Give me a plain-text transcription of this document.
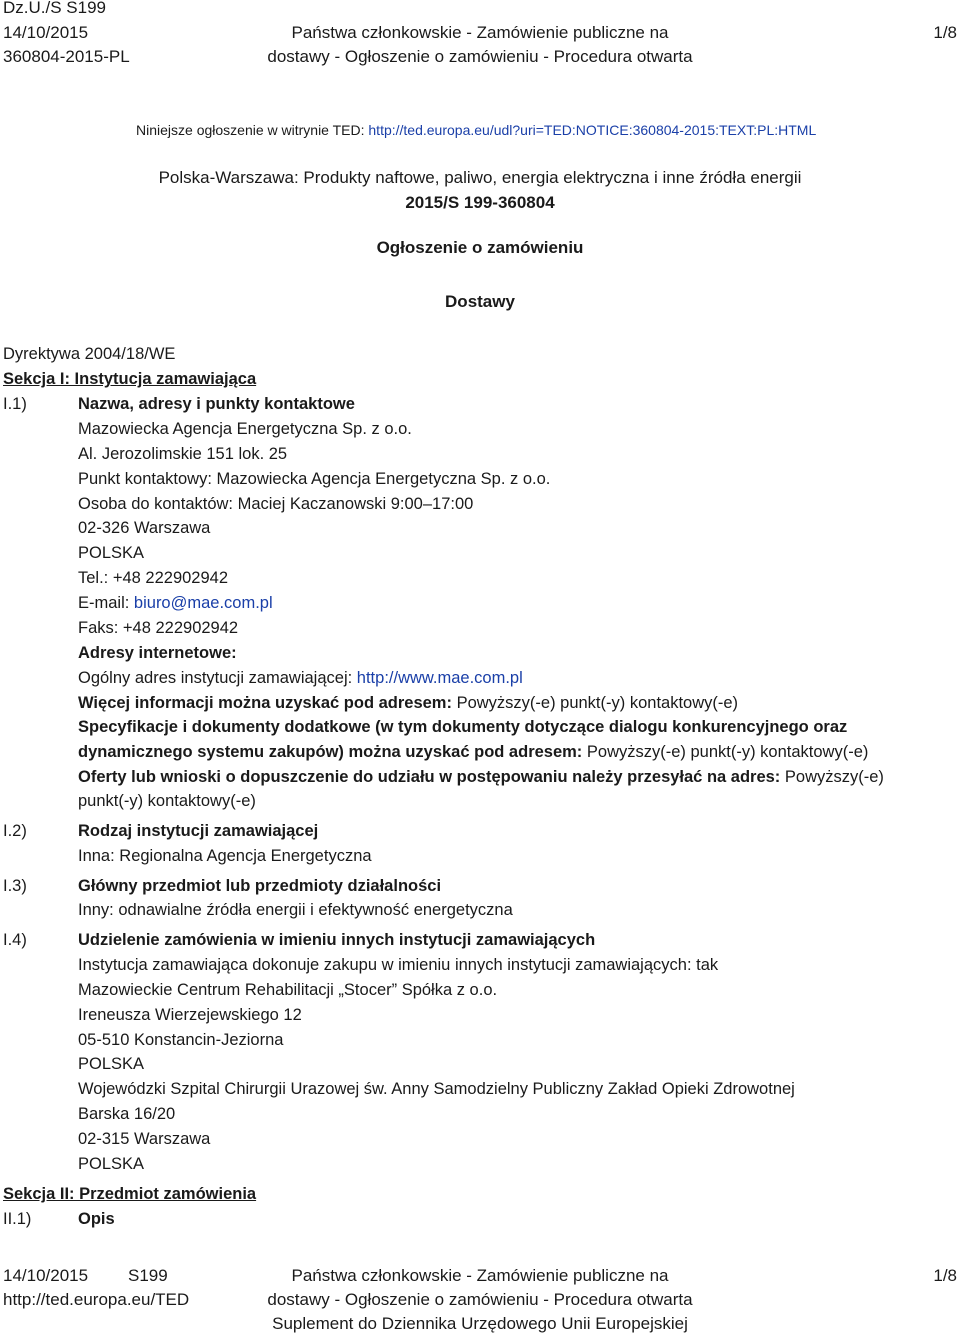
Dz.U./S S199
14/10/2015
360804-2015-PL
Państwa członkowskie - Zamówienie publiczne na
dostawy - Ogłoszenie o zamówieniu - Procedura otwarta
1/8
Niniejsze ogłoszenie w witrynie TED: http://ted.europa.eu/udl?uri=TED:NOTICE:360804-2015:TEXT:PL:HTML
Polska-Warszawa: Produkty naftowe, paliwo, energia elektryczna i inne źródła energii
2015/S 199-360804
Ogłoszenie o zamówieniu
Dostawy
Dyrektywa 2004/18/WE
Sekcja I: Instytucja zamawiająca
I.1)	Nazwa, adresy i punkty kontaktowe
Mazowiecka Agencja Energetyczna Sp. z o.o.
Al. Jerozolimskie 151 lok. 25
Punkt kontaktowy: Mazowiecka Agencja Energetyczna Sp. z o.o.
Osoba do kontaktów: Maciej Kaczanowski 9:00–17:00
02-326 Warszawa
POLSKA
Tel.: +48 222902942
E-mail: biuro@mae.com.pl
Faks: +48 222902942
Adresy internetowe:
Ogólny adres instytucji zamawiającej: http://www.mae.com.pl
Więcej informacji można uzyskać pod adresem: Powyższy(-e) punkt(-y) kontaktowy(-e)
Specyfikacje i dokumenty dodatkowe (w tym dokumenty dotyczące dialogu konkurencyjnego oraz
dynamicznego systemu zakupów) można uzyskać pod adresem: Powyższy(-e) punkt(-y) kontaktowy(-e)
Oferty lub wnioski o dopuszczenie do udziału w postępowaniu należy przesyłać na adres: Powyższy(-e)
punkt(-y) kontaktowy(-e)
I.2)	Rodzaj instytucji zamawiającej
Inna: Regionalna Agencja Energetyczna
I.3)	Główny przedmiot lub przedmioty działalności
Inny: odnawialne źródła energii i efektywność energetyczna
I.4)	Udzielenie zamówienia w imieniu innych instytucji zamawiających
Instytucja zamawiająca dokonuje zakupu w imieniu innych instytucji zamawiających: tak
Mazowieckie Centrum Rehabilitacji „Stocer” Spółka z o.o.
Ireneusza Wierzejewskiego 12
05-510 Konstancin-Jeziorna
POLSKA
Wojewódzki Szpital Chirurgii Urazowej św. Anny Samodzielny Publiczny Zakład Opieki Zdrowotnej
Barska 16/20
02-315 Warszawa
POLSKA
Sekcja II: Przedmiot zamówienia
II.1)	Opis
14/10/2015 S199
http://ted.europa.eu/TED
Państwa członkowskie - Zamówienie publiczne na
dostawy - Ogłoszenie o zamówieniu - Procedura otwarta
Suplement do Dziennika Urzędowego Unii Europejskiej
1/8
